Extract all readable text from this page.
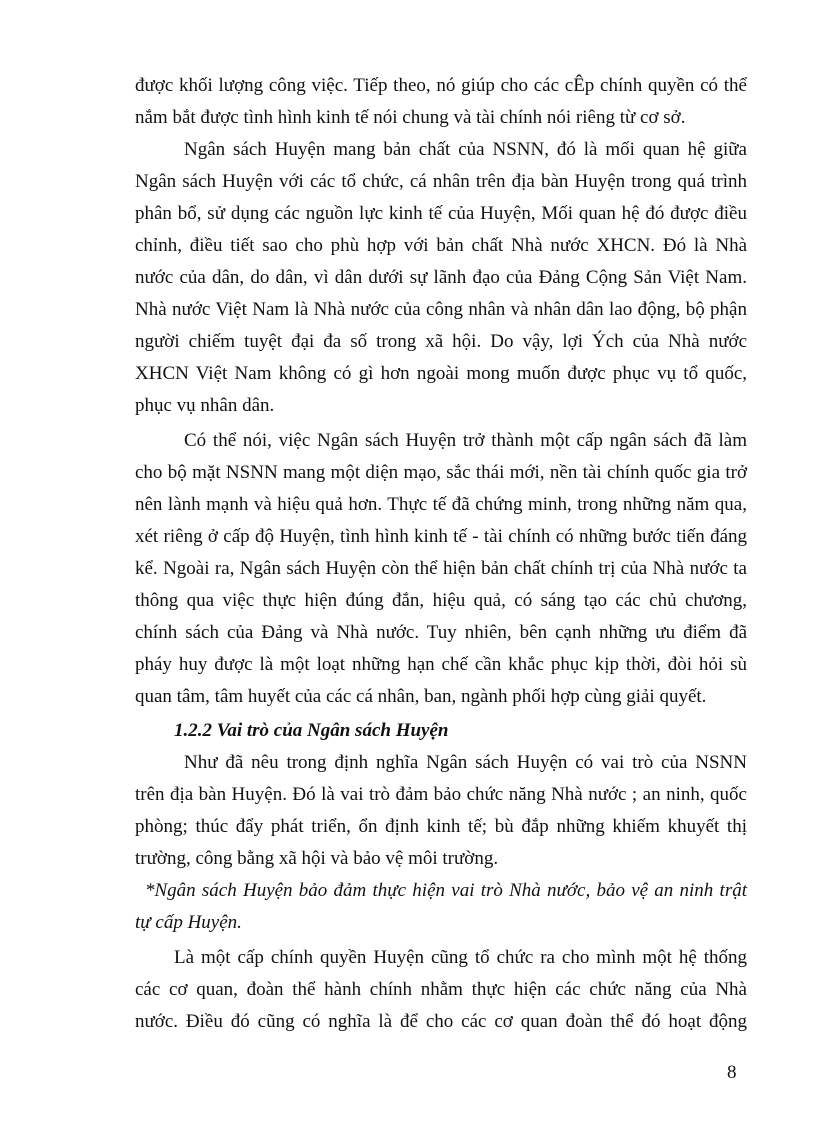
được khối lượng công việc. Tiếp theo, nó giúp cho các cÊp chính quyền có thể
nắm bắt được tình hình kinh tế nói chung và tài chính nói riêng từ cơ sở.
Ngân sách Huyện mang bản chất của NSNN, đó là mối quan hệ giữa
Ngân sách Huyện với các tổ chức, cá nhân trên địa bàn Huyện trong quá trình
phân bổ, sử dụng các nguồn lực kinh tế của Huyện, Mối quan hệ đó được điều
chỉnh, điều tiết sao cho phù hợp với bản chất Nhà nước XHCN. Đó là Nhà
nước của dân, do dân, vì dân dưới sự lãnh đạo của Đảng Cộng Sản Việt Nam.
Nhà nước Việt Nam là Nhà nước của công nhân và nhân dân lao động, bộ phận
người chiếm tuyệt đại đa số trong xã hội. Do vậy, lợi Ých của Nhà nước
XHCN Việt Nam không có gì hơn ngoài mong muốn được phục vụ tổ quốc,
phục vụ nhân dân.
Có thể nói, việc Ngân sách Huyện trở thành một cấp ngân sách đã làm
cho bộ mặt NSNN mang một diện mạo, sắc thái mới, nền tài chính quốc gia trở
nên lành mạnh và hiệu quả hơn. Thực tế đã chứng minh, trong những năm qua,
xét riêng ở cấp độ Huyện, tình hình kinh tế - tài chính có những bước tiến đáng
kể. Ngoài ra, Ngân sách Huyện còn thể hiện bản chất chính trị của Nhà nước ta
thông qua việc thực hiện đúng đắn, hiệu quả, có sáng tạo các chủ chương,
chính sách của Đảng và Nhà nước. Tuy nhiên, bên cạnh những ưu điểm đã
pháy huy được là một loạt những hạn chế cần khắc phục kịp thời, đòi hỏi sù
quan tâm, tâm huyết của các cá nhân, ban, ngành phối hợp cùng giải quyết.
1.2.2 Vai trò của Ngân sách Huyện
Như đã nêu trong định nghĩa Ngân sách Huyện có vai trò của NSNN
trên địa bàn Huyện. Đó là vai trò đảm bảo chức năng Nhà nước ; an ninh, quốc
phòng; thúc đẩy phát triển, ổn định kinh tế; bù đắp những khiếm khuyết thị
trường, công bằng xã hội và bảo vệ môi trường.
*Ngân sách Huyện bảo đảm thực hiện vai trò Nhà nước, bảo vệ an ninh trật
tự cấp Huyện.
Là một cấp chính quyền Huyện cũng tổ chức ra cho mình một hệ thống
các cơ quan, đoàn thể hành chính nhằm thực hiện các chức năng của Nhà
nước. Điều đó cũng có nghĩa là để cho các cơ quan đoàn thể đó hoạt động
8
